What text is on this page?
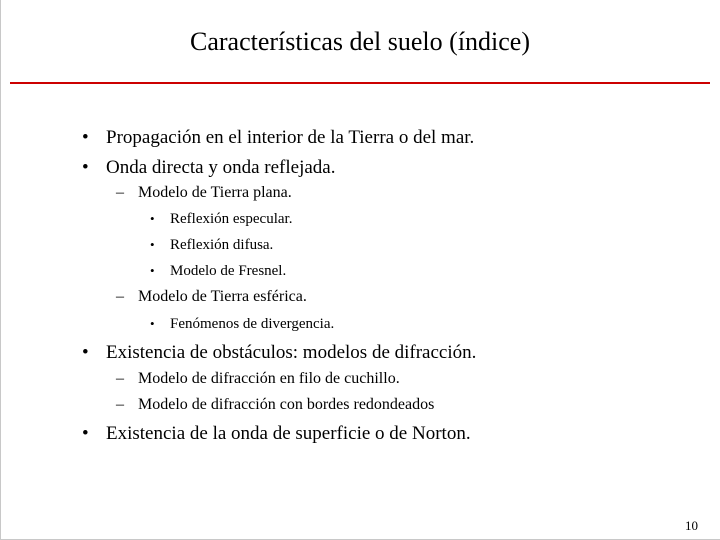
Características del suelo (índice)
• Propagación en el interior de la Tierra o del mar.
• Onda directa y onda reflejada.
– Modelo de Tierra plana.
• Reflexión especular.
• Reflexión difusa.
• Modelo de Fresnel.
– Modelo de Tierra esférica.
• Fenómenos de divergencia.
• Existencia de obstáculos: modelos de difracción.
– Modelo de difracción en filo de cuchillo.
– Modelo de difracción con bordes redondeados
• Existencia de la onda de superficie o de Norton.
10
